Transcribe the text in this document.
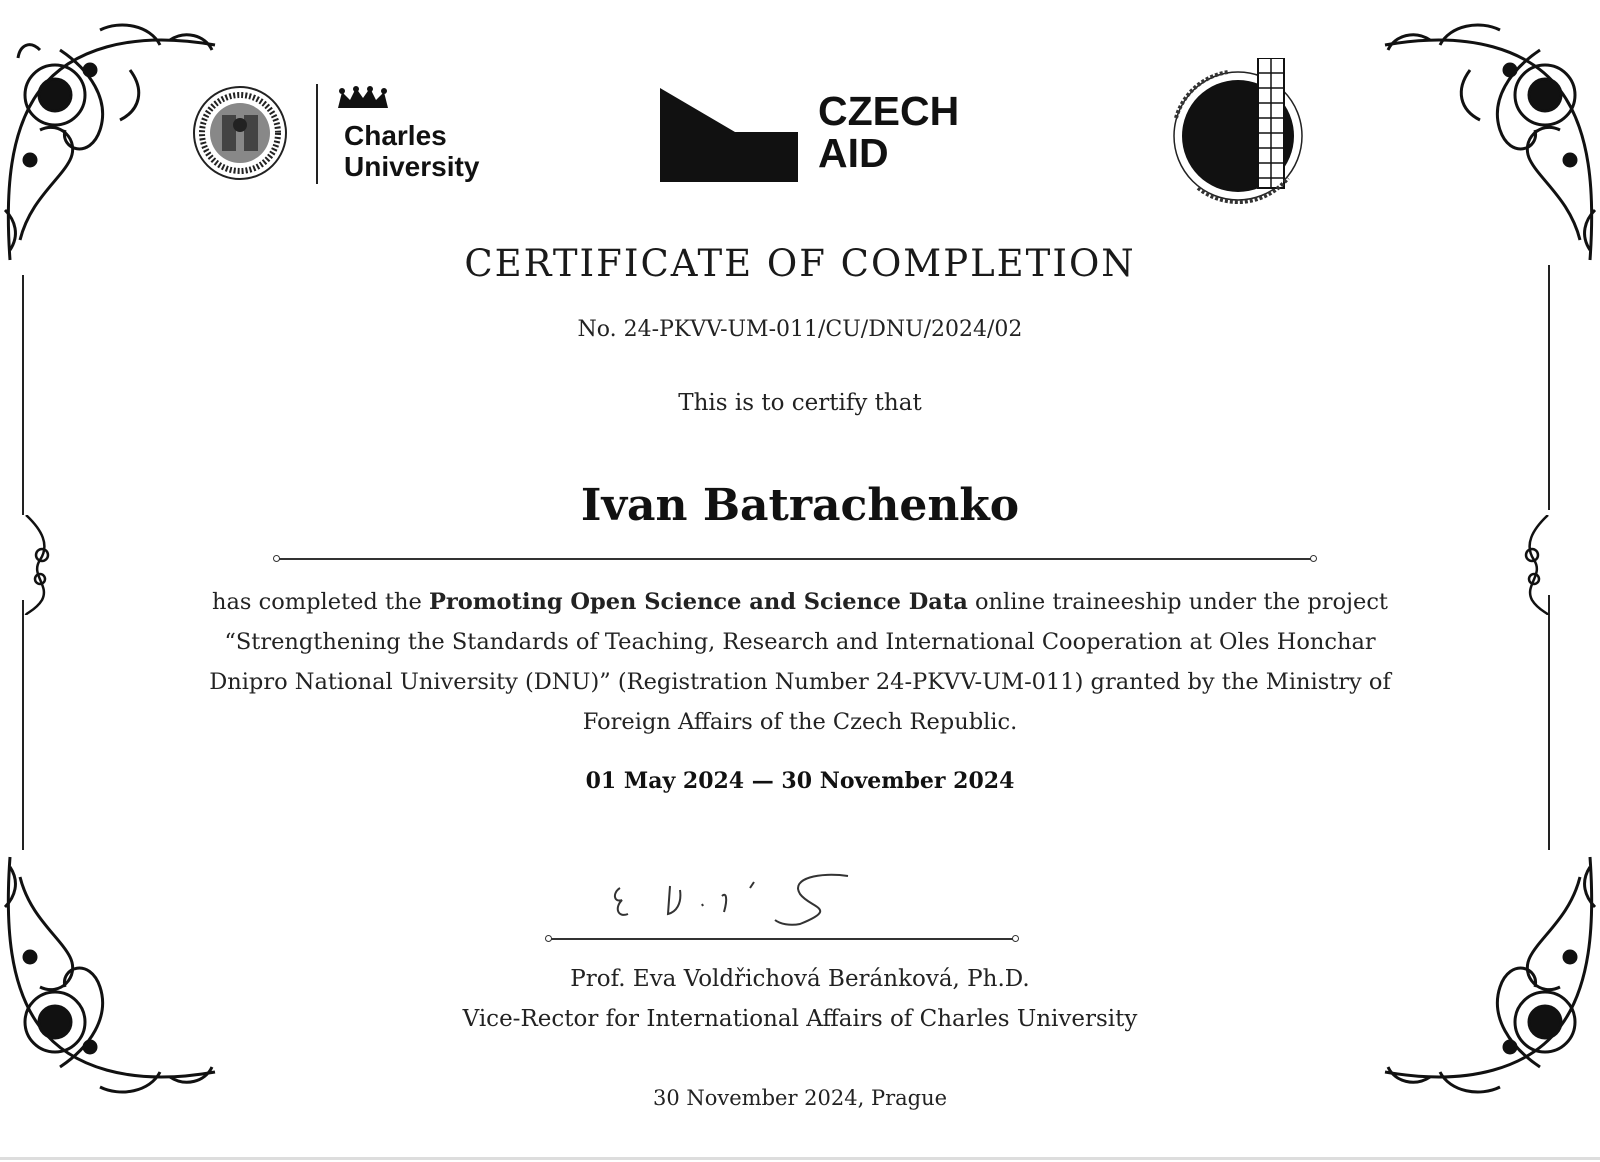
Charles
University
CZECH
AID
CERTIFICATE OF COMPLETION
No. 24-PKVV-UM-011/CU/DNU/2024/02
This is to certify that
Ivan Batrachenko
has completed the Promoting Open Science and Science Data online traineeship under the project “Strengthening the Standards of Teaching, Research and International Cooperation at Oles Honchar Dnipro National University (DNU)” (Registration Number 24-PKVV-UM-011) granted by the Ministry of Foreign Affairs of the Czech Republic.
01 May 2024 — 30 November 2024
Prof. Eva Voldřichová Beránková, Ph.D.
Vice-Rector for International Affairs of Charles University
30 November 2024, Prague
